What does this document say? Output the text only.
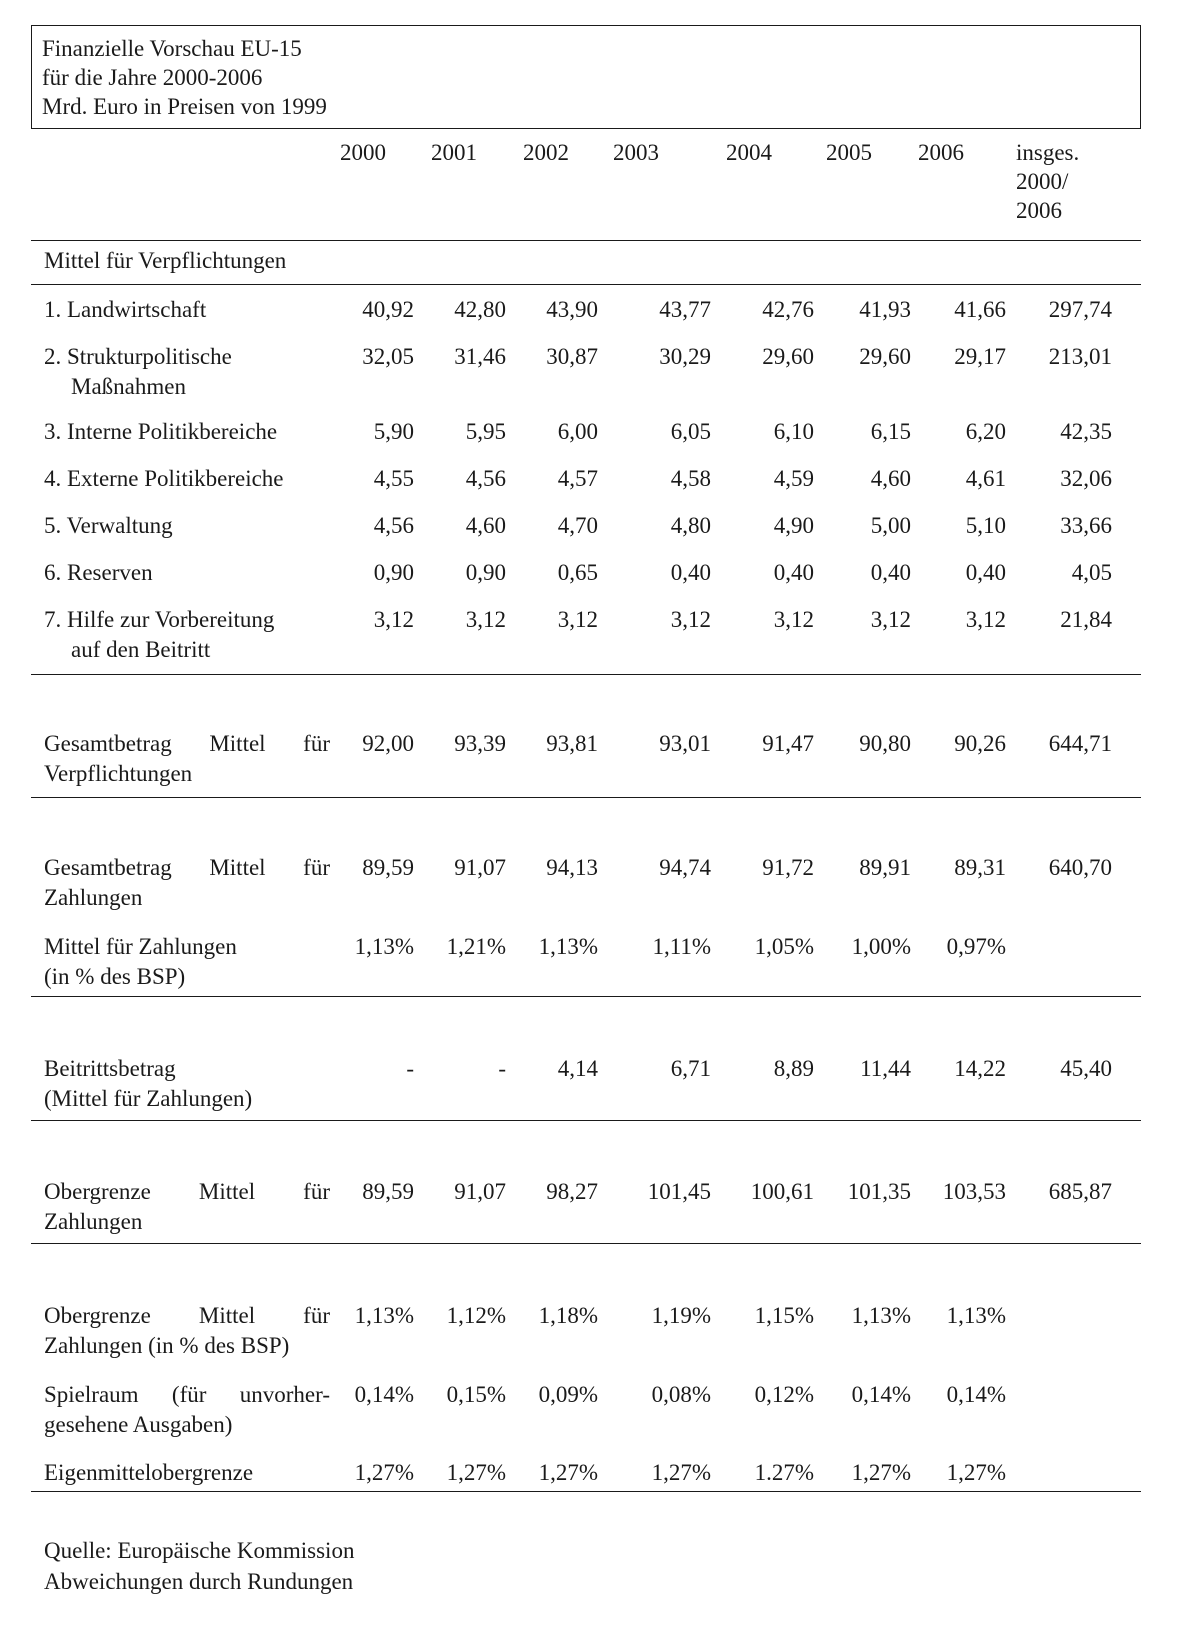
Finanzielle Vorschau EU-15
für die Jahre 2000-2006
Mrd. Euro in Preisen von 1999
2000 2001 2002 2003	2004 2005 2006 insges.
2000/
2006
Mittel für Verpflichtungen
1. Landwirtschaft	40,92 42,80 43,90	43,77 42,76 41,93 41,66 297,74
2. Strukturpolitische
Maßnahmen
32,05 31,46 30,87	30,29 29,60 29,60 29,17 213,01
3. Interne Politikbereiche	5,90 5,95 6,00	6,05	6,10 6,15 6,20 42,35
4. Externe Politikbereiche	4,55 4,56 4,57	4,58	4,59 4,60 4,61 32,06
5. Verwaltung	4,56 4,60 4,70	4,80	4,90 5,00 5,10 33,66
6. Reserven	0,90 0,90 0,65	0,40	0,40 0,40 0,40	4,05
7. Hilfe zur Vorbereitung
auf den Beitritt
3,12 3,12 3,12	3,12	3,12 3,12 3,12 21,84
Gesamtbetrag Mittel für
Verpflichtungen
92,00 93,39 93,81	93,01 91,47 90,80 90,26 644,71
Gesamtbetrag Mittel für
Zahlungen
89,59 91,07 94,13	94,74 91,72 89,91 89,31 640,70
Mittel für Zahlungen
(in % des BSP)
1,13% 1,21% 1,13% 1,11% 1,05% 1,00% 0,97%
Beitrittsbetrag
(Mittel für Zahlungen)
-	- 4,14	6,71	8,89 11,44 14,22 45,40
Obergrenze Mittel für
Zahlungen
89,59 91,07 98,27 101,45 100,61 101,35 103,53 685,87
Obergrenze Mittel für
Zahlungen (in % des BSP)
1,13% 1,12% 1,18% 1,19% 1,15% 1,13% 1,13%
Spielraum (für unvorher-
gesehene Ausgaben)
0,14% 0,15% 0,09% 0,08% 0,12% 0,14% 0,14%
Eigenmittelobergrenze	1,27% 1,27% 1,27% 1,27% 1.27% 1,27% 1,27%
Quelle: Europäische Kommission
Abweichungen durch Rundungen
